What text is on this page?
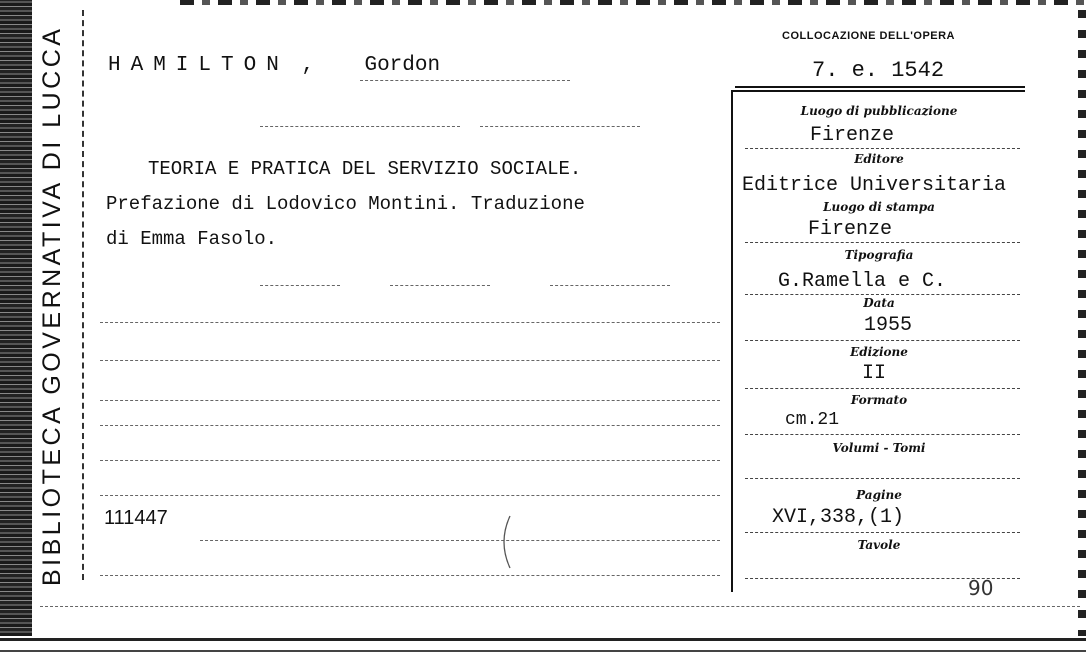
BIBLIOTECA GOVERNATIVA DI LUCCA HAMILTON , Gordon
TEORIA E PRATICA DEL SERVIZIO SOCIALE.
Prefazione di Lodovico Montini. Traduzione
di Emma Fasolo.
111447
COLLOCAZIONE DELL'OPERA
7. e. 1542
Luogo di pubblicazione
Firenze
Editore
Editrice Universitaria
Luogo di stampa
Firenze
Tipografia
G.Ramella e C.
Data
1955
Edizione
II
Formato
cm.21
Volumi - Tomi
Pagine
XVI,338,(1)
Tavole
90
